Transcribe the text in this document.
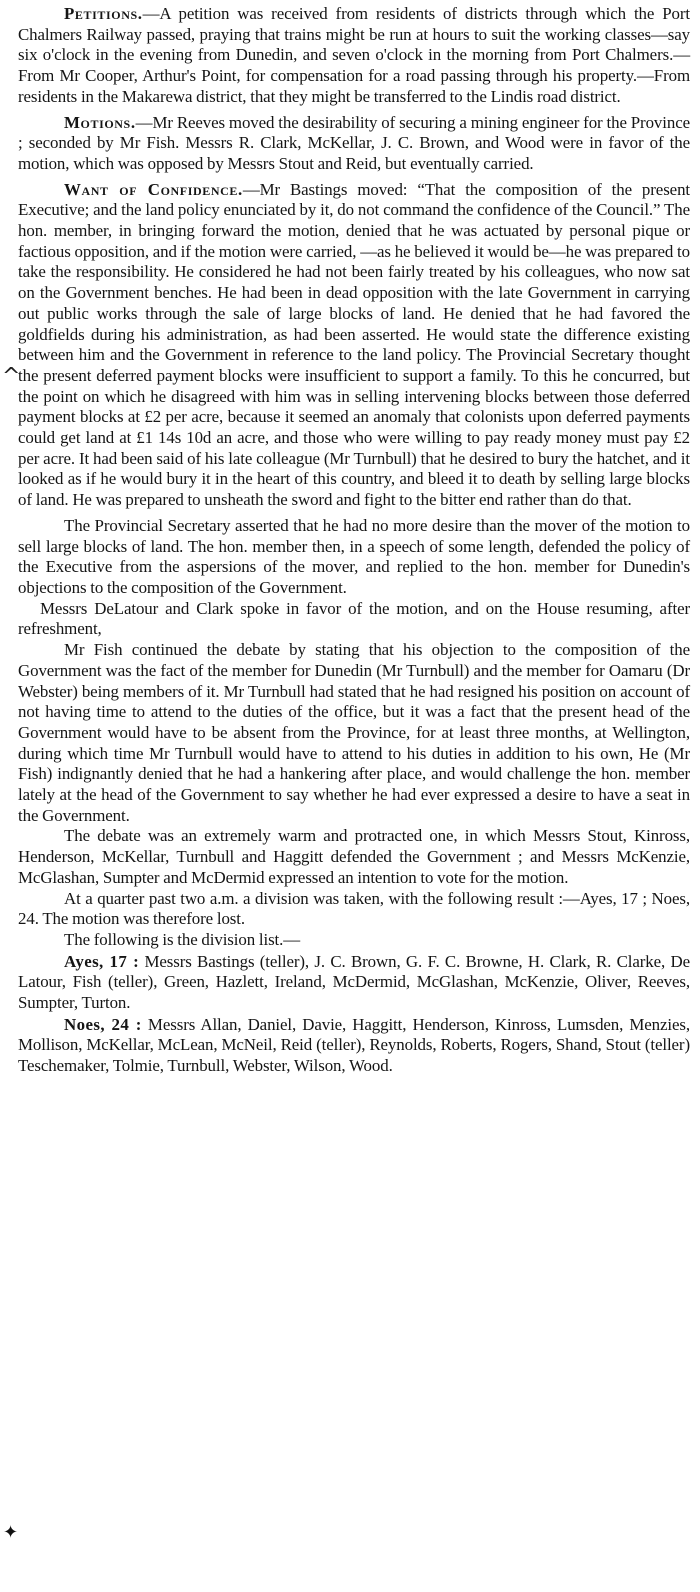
Petitions.—A petition was received from residents of districts through which the Port Chalmers Railway passed, praying that trains might be run at hours to suit the working classes—say six o'clock in the evening from Dunedin, and seven o'clock in the morning from Port Chalmers.—From Mr Cooper, Arthur's Point, for compensation for a road passing through his property.—From residents in the Makarewa district, that they might be transferred to the Lindis road district.

Motions.—Mr Reeves moved the desirability of securing a mining engineer for the Province ; seconded by Mr Fish. Messrs R. Clark, McKellar, J. C. Brown, and Wood were in favor of the motion, which was opposed by Messrs Stout and Reid, but eventually carried.

Want of Confidence.—Mr Bastings moved: “That the composition of the present Executive; and the land policy enunciated by it, do not command the confidence of the Council.” The hon. member, in bringing forward the motion, denied that he was actuated by personal pique or factious opposition, and if the motion were carried, —as he believed it would be—he was prepared to take the responsibility. He considered he had not been fairly treated by his colleagues, who now sat on the Government benches. He had been in dead opposition with the late Government in carrying out public works through the sale of large blocks of land. He denied that he had favored the goldfields during his administration, as had been asserted. He would state the difference existing between him and the Government in reference to the land policy. The Provincial Secretary thought the present deferred payment blocks were insufficient to support a family. To this he concurred, but the point on which he disagreed with him was in selling intervening blocks between those deferred payment blocks at £2 per acre, because it seemed an anomaly that colonists upon deferred payments could get land at £1 14s 10d an acre, and those who were willing to pay ready money must pay £2 per acre. It had been said of his late colleague (Mr Turnbull) that he desired to bury the hatchet, and it looked as if he would bury it in the heart of this country, and bleed it to death by selling large blocks of land. He was prepared to unsheath the sword and fight to the bitter end rather than do that.

The Provincial Secretary asserted that he had no more desire than the mover of the motion to sell large blocks of land. The hon. member then, in a speech of some length, defended the policy of the Executive from the aspersions of the mover, and replied to the hon. member for Dunedin's objections to the composition of the Government.

Messrs DeLatour and Clark spoke in favor of the motion, and on the House resuming, after refreshment,

Mr Fish continued the debate by stating that his objection to the composition of the Government was the fact of the member for Dunedin (Mr Turnbull) and the member for Oamaru (Dr Webster) being members of it. Mr Turnbull had stated that he had resigned his position on account of not having time to attend to the duties of the office, but it was a fact that the present head of the Government would have to be absent from the Province, for at least three months, at Wellington, during which time Mr Turnbull would have to attend to his duties in addition to his own, He (Mr Fish) indignantly denied that he had a hankering after place, and would challenge the hon. member lately at the head of the Government to say whether he had ever expressed a desire to have a seat in the Government.

The debate was an extremely warm and protracted one, in which Messrs Stout, Kinross, Henderson, McKellar, Turnbull and Haggitt defended the Government ; and Messrs McKenzie, McGlashan, Sumpter and McDermid expressed an intention to vote for the motion.

At a quarter past two a.m. a division was taken, with the following result :—Ayes, 17 ; Noes, 24. The motion was therefore lost.

The following is the division list.—

Ayes, 17 : Messrs Bastings (teller), J. C. Brown, G. F. C. Browne, H. Clark, R. Clarke, De Latour, Fish (teller), Green, Hazlett, Ireland, McDermid, McGlashan, McKenzie, Oliver, Reeves, Sumpter, Turton.

Noes, 24 : Messrs Allan, Daniel, Davie, Haggitt, Henderson, Kinross, Lumsden, Menzies, Mollison, McKellar, McLean, McNeil, Reid (teller), Reynolds, Roberts, Rogers, Shand, Stout (teller) Teschemaker, Tolmie, Turnbull, Webster, Wilson, Wood.

^
✦
